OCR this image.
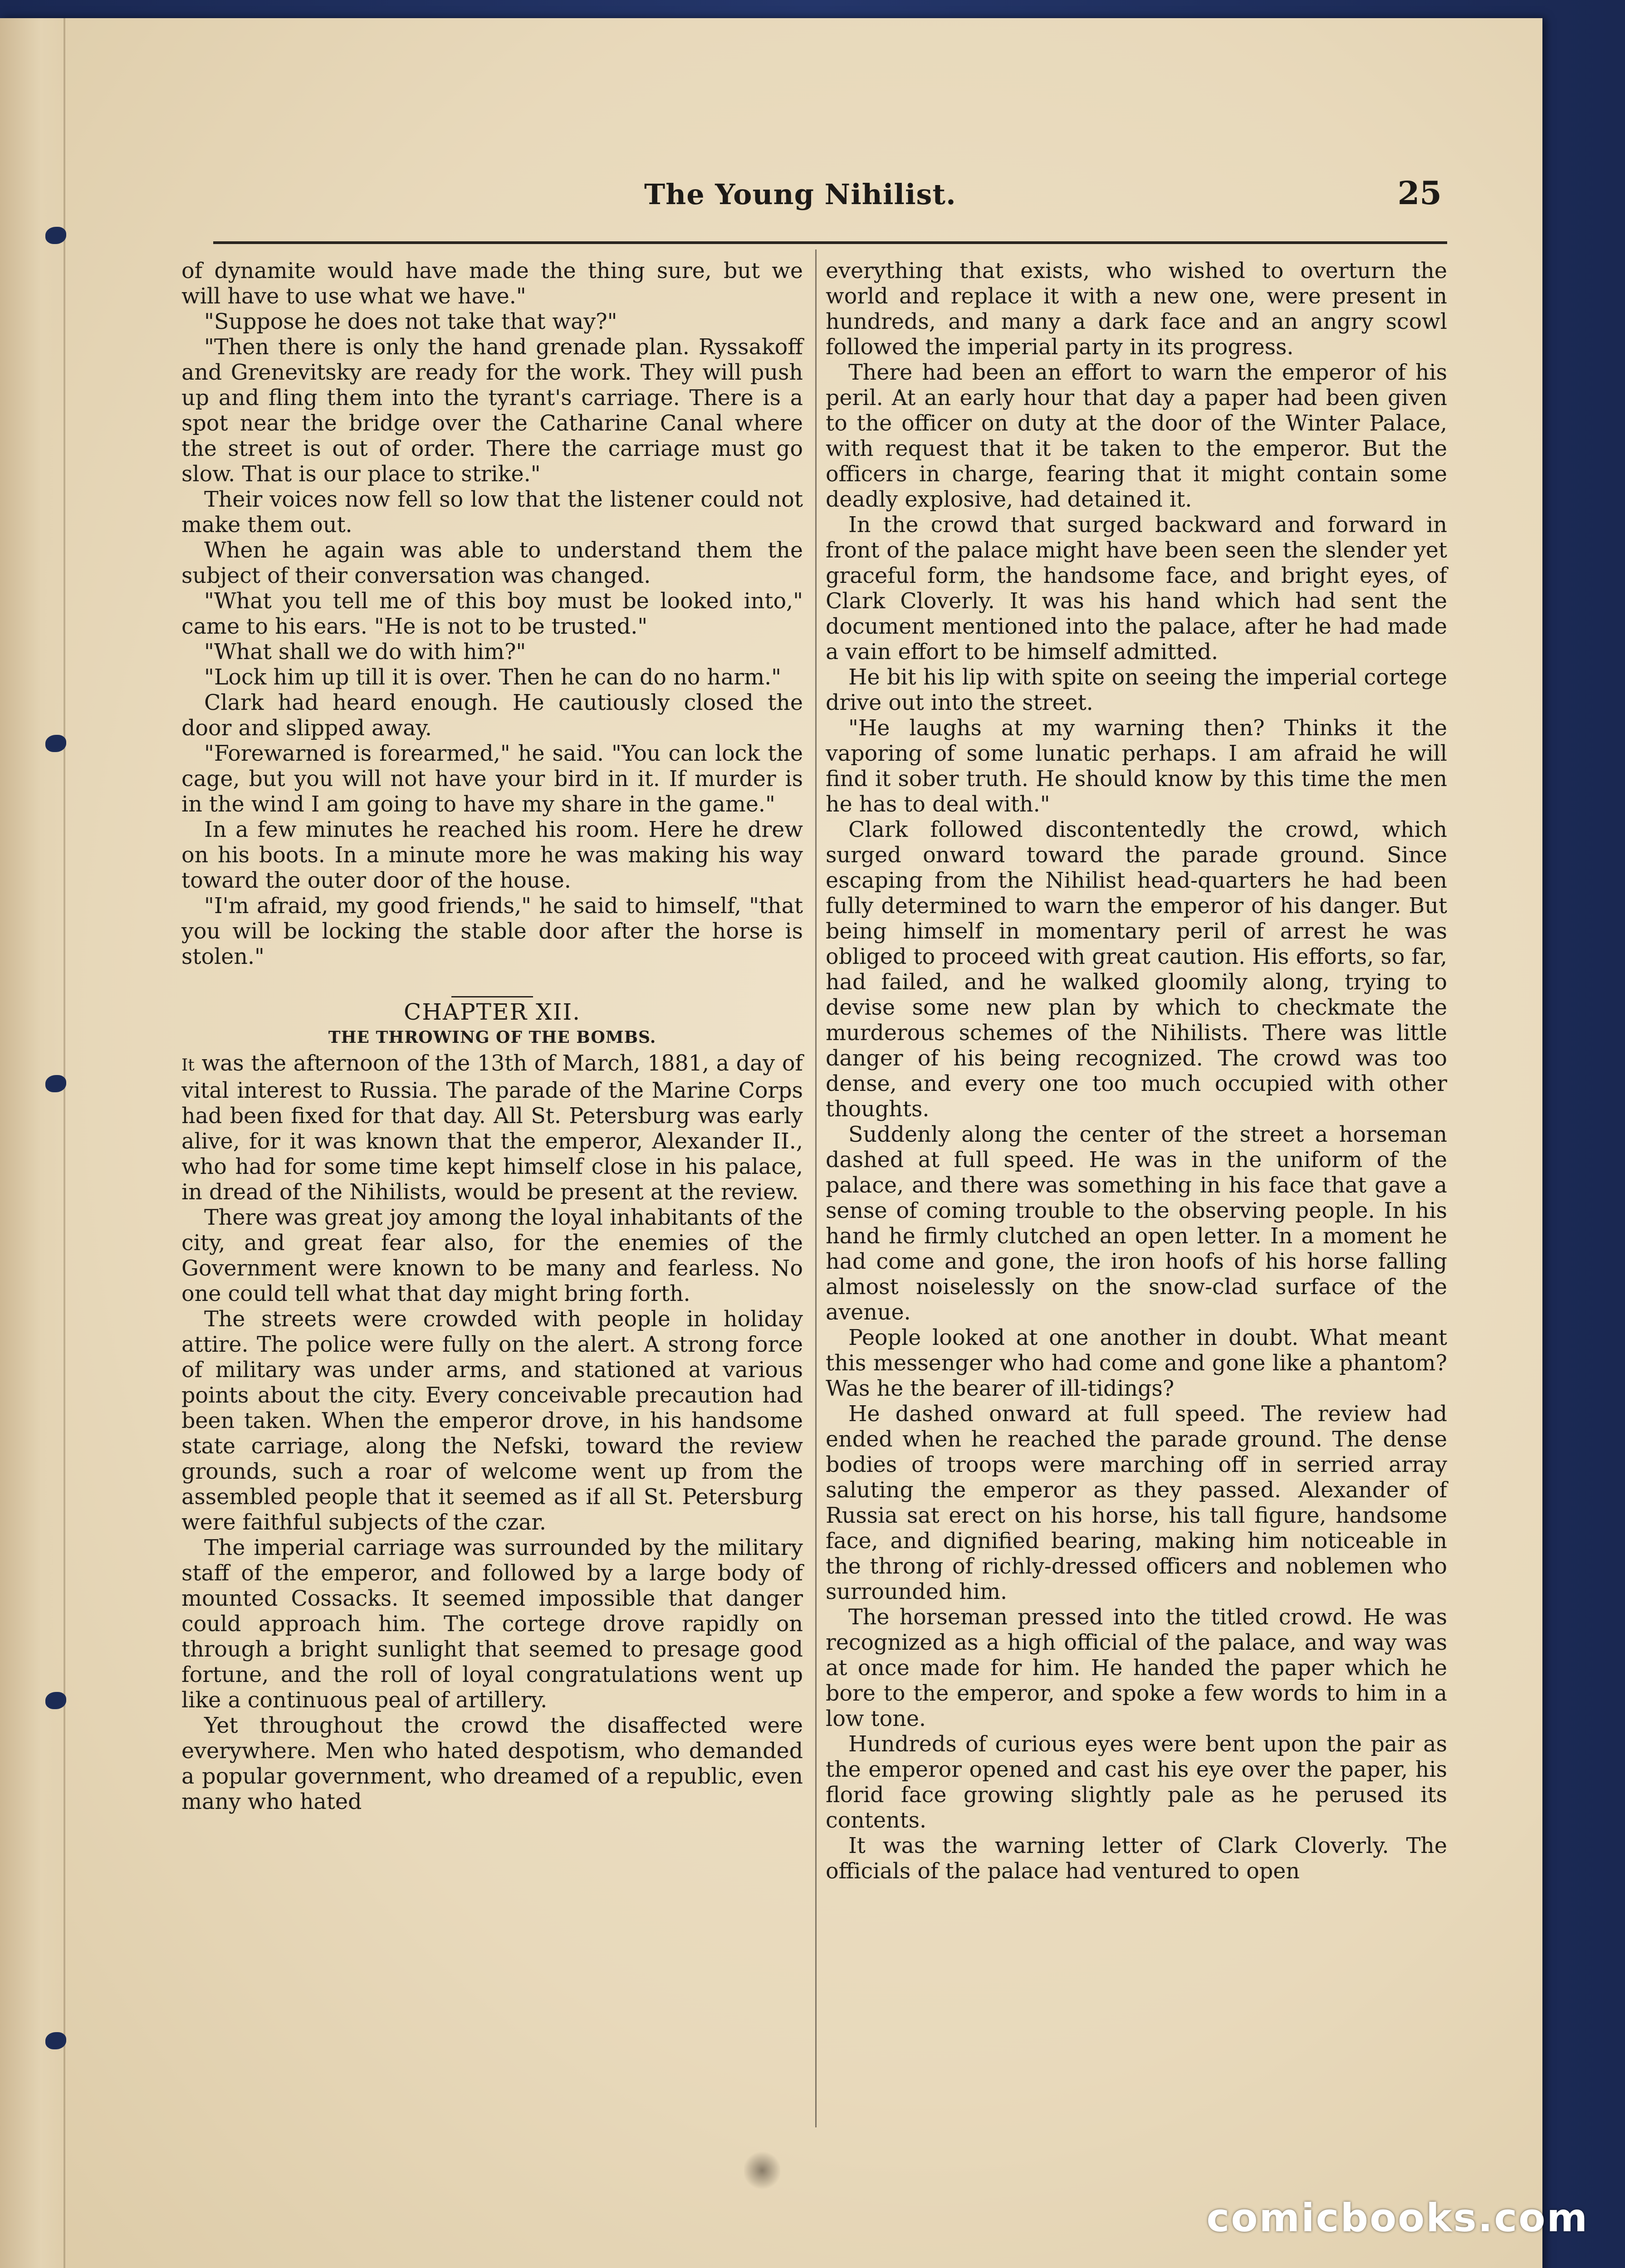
The Young Nihilist.	25

of dynamite would have made the thing sure, but we will have to use what we have."

"Suppose he does not take that way?"

"Then there is only the hand grenade plan. Ryssakoff and Grenevitsky are ready for the work. They will push up and fling them into the tyrant's carriage. There is a spot near the bridge over the Catharine Canal where the street is out of order. There the carriage must go slow. That is our place to strike."

Their voices now fell so low that the listener could not make them out.

When he again was able to understand them the subject of their conversation was changed.

"What you tell me of this boy must be looked into," came to his ears. "He is not to be trusted."

"What shall we do with him?"

"Lock him up till it is over. Then he can do no harm."

Clark had heard enough. He cautiously closed the door and slipped away.

"Forewarned is forearmed," he said. "You can lock the cage, but you will not have your bird in it. If murder is in the wind I am going to have my share in the game."

In a few minutes he reached his room. Here he drew on his boots. In a minute more he was making his way toward the outer door of the house.

"I'm afraid, my good friends," he said to himself, "that you will be locking the stable door after the horse is stolen."

CHAPTER XII.
THE THROWING OF THE BOMBS.

It was the afternoon of the 13th of March, 1881, a day of vital interest to Russia. The parade of the Marine Corps had been fixed for that day. All St. Petersburg was early alive, for it was known that the emperor, Alexander II., who had for some time kept himself close in his palace, in dread of the Nihilists, would be present at the review.

There was great joy among the loyal inhabitants of the city, and great fear also, for the enemies of the Government were known to be many and fearless. No one could tell what that day might bring forth.

The streets were crowded with people in holiday attire. The police were fully on the alert. A strong force of military was under arms, and stationed at various points about the city. Every conceivable precaution had been taken. When the emperor drove, in his handsome state carriage, along the Nefski, toward the review grounds, such a roar of welcome went up from the assembled people that it seemed as if all St. Petersburg were faithful subjects of the czar.

The imperial carriage was surrounded by the military staff of the emperor, and followed by a large body of mounted Cossacks. It seemed impossible that danger could approach him. The cortege drove rapidly on through a bright sunlight that seemed to presage good fortune, and the roll of loyal congratulations went up like a continuous peal of artillery.

Yet throughout the crowd the disaffected were everywhere. Men who hated despotism, who demanded a popular government, who dreamed of a republic, even many who hated

everything that exists, who wished to overturn the world and replace it with a new one, were present in hundreds, and many a dark face and an angry scowl followed the imperial party in its progress.

There had been an effort to warn the emperor of his peril. At an early hour that day a paper had been given to the officer on duty at the door of the Winter Palace, with request that it be taken to the emperor. But the officers in charge, fearing that it might contain some deadly explosive, had detained it.

In the crowd that surged backward and forward in front of the palace might have been seen the slender yet graceful form, the handsome face, and bright eyes, of Clark Cloverly. It was his hand which had sent the document mentioned into the palace, after he had made a vain effort to be himself admitted.

He bit his lip with spite on seeing the imperial cortege drive out into the street.

"He laughs at my warning then? Thinks it the vaporing of some lunatic perhaps. I am afraid he will find it sober truth. He should know by this time the men he has to deal with."

Clark followed discontentedly the crowd, which surged onward toward the parade ground. Since escaping from the Nihilist head-quarters he had been fully determined to warn the emperor of his danger. But being himself in momentary peril of arrest he was obliged to proceed with great caution. His efforts, so far, had failed, and he walked gloomily along, trying to devise some new plan by which to checkmate the murderous schemes of the Nihilists. There was little danger of his being recognized. The crowd was too dense, and every one too much occupied with other thoughts.

Suddenly along the center of the street a horseman dashed at full speed. He was in the uniform of the palace, and there was something in his face that gave a sense of coming trouble to the observing people. In his hand he firmly clutched an open letter. In a moment he had come and gone, the iron hoofs of his horse falling almost noiselessly on the snow-clad surface of the avenue.

People looked at one another in doubt. What meant this messenger who had come and gone like a phantom? Was he the bearer of ill-tidings?

He dashed onward at full speed. The review had ended when he reached the parade ground. The dense bodies of troops were marching off in serried array saluting the emperor as they passed. Alexander of Russia sat erect on his horse, his tall figure, handsome face, and dignified bearing, making him noticeable in the throng of richly-dressed officers and noblemen who surrounded him.

The horseman pressed into the titled crowd. He was recognized as a high official of the palace, and way was at once made for him. He handed the paper which he bore to the emperor, and spoke a few words to him in a low tone.

Hundreds of curious eyes were bent upon the pair as the emperor opened and cast his eye over the paper, his florid face growing slightly pale as he perused its contents.

It was the warning letter of Clark Cloverly. The officials of the palace had ventured to open

comicbooks.com
